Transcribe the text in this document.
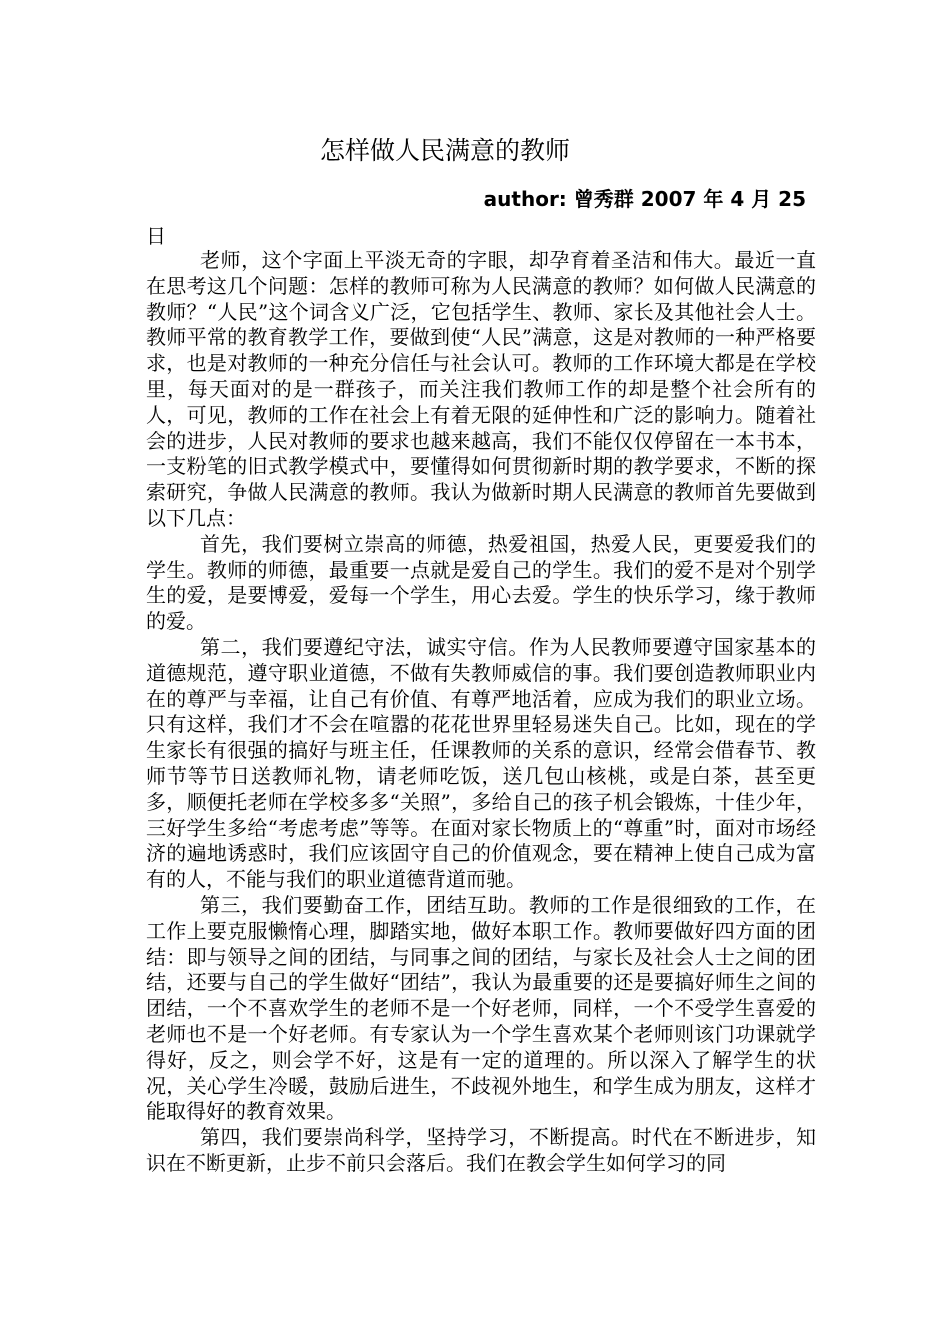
怎样做人民满意的教师
author: 曾秀群 2007 年 4 月 25
日

老师，这个字面上平淡无奇的字眼，却孕育着圣洁和伟大。最近一直在思考这几个问题：怎样的教师可称为人民满意的教师？如何做人民满意的教师？“人民”这个词含义广泛，它包括学生、教师、家长及其他社会人士。教师平常的教育教学工作，要做到使“人民”满意，这是对教师的一种严格要求，也是对教师的一种充分信任与社会认可。教师的工作环境大都是在学校里，每天面对的是一群孩子，而关注我们教师工作的却是整个社会所有的人，可见，教师的工作在社会上有着无限的延伸性和广泛的影响力。随着社会的进步，人民对教师的要求也越来越高，我们不能仅仅停留在一本书本，一支粉笔的旧式教学模式中，要懂得如何贯彻新时期的教学要求，不断的探索研究，争做人民满意的教师。我认为做新时期人民满意的教师首先要做到以下几点：

首先，我们要树立崇高的师德，热爱祖国，热爱人民，更要爱我们的学生。教师的师德，最重要一点就是爱自己的学生。我们的爱不是对个别学生的爱，是要博爱，爱每一个学生，用心去爱。学生的快乐学习，缘于教师的爱。

第二，我们要遵纪守法，诚实守信。作为人民教师要遵守国家基本的道德规范，遵守职业道德，不做有失教师威信的事。我们要创造教师职业内在的尊严与幸福，让自己有价值、有尊严地活着，应成为我们的职业立场。只有这样，我们才不会在喧嚣的花花世界里轻易迷失自己。比如，现在的学生家长有很强的搞好与班主任，任课教师的关系的意识，经常会借春节、教师节等节日送教师礼物，请老师吃饭，送几包山核桃，或是白茶，甚至更多，顺便托老师在学校多多“关照”，多给自己的孩子机会锻炼，十佳少年，三好学生多给“考虑考虑”等等。在面对家长物质上的“尊重”时，面对市场经济的遍地诱惑时，我们应该固守自己的价值观念，要在精神上使自己成为富有的人，不能与我们的职业道德背道而驰。

第三，我们要勤奋工作，团结互助。教师的工作是很细致的工作，在工作上要克服懒惰心理，脚踏实地，做好本职工作。教师要做好四方面的团结：即与领导之间的团结，与同事之间的团结，与家长及社会人士之间的团结，还要与自己的学生做好“团结”，我认为最重要的还是要搞好师生之间的团结，一个不喜欢学生的老师不是一个好老师，同样，一个不受学生喜爱的老师也不是一个好老师。有专家认为一个学生喜欢某个老师则该门功课就学得好，反之，则会学不好，这是有一定的道理的。所以深入了解学生的状况，关心学生冷暖，鼓励后进生，不歧视外地生，和学生成为朋友，这样才能取得好的教育效果。

第四，我们要崇尚科学，坚持学习，不断提高。时代在不断进步，知识在不断更新，止步不前只会落后。我们在教会学生如何学习的同
